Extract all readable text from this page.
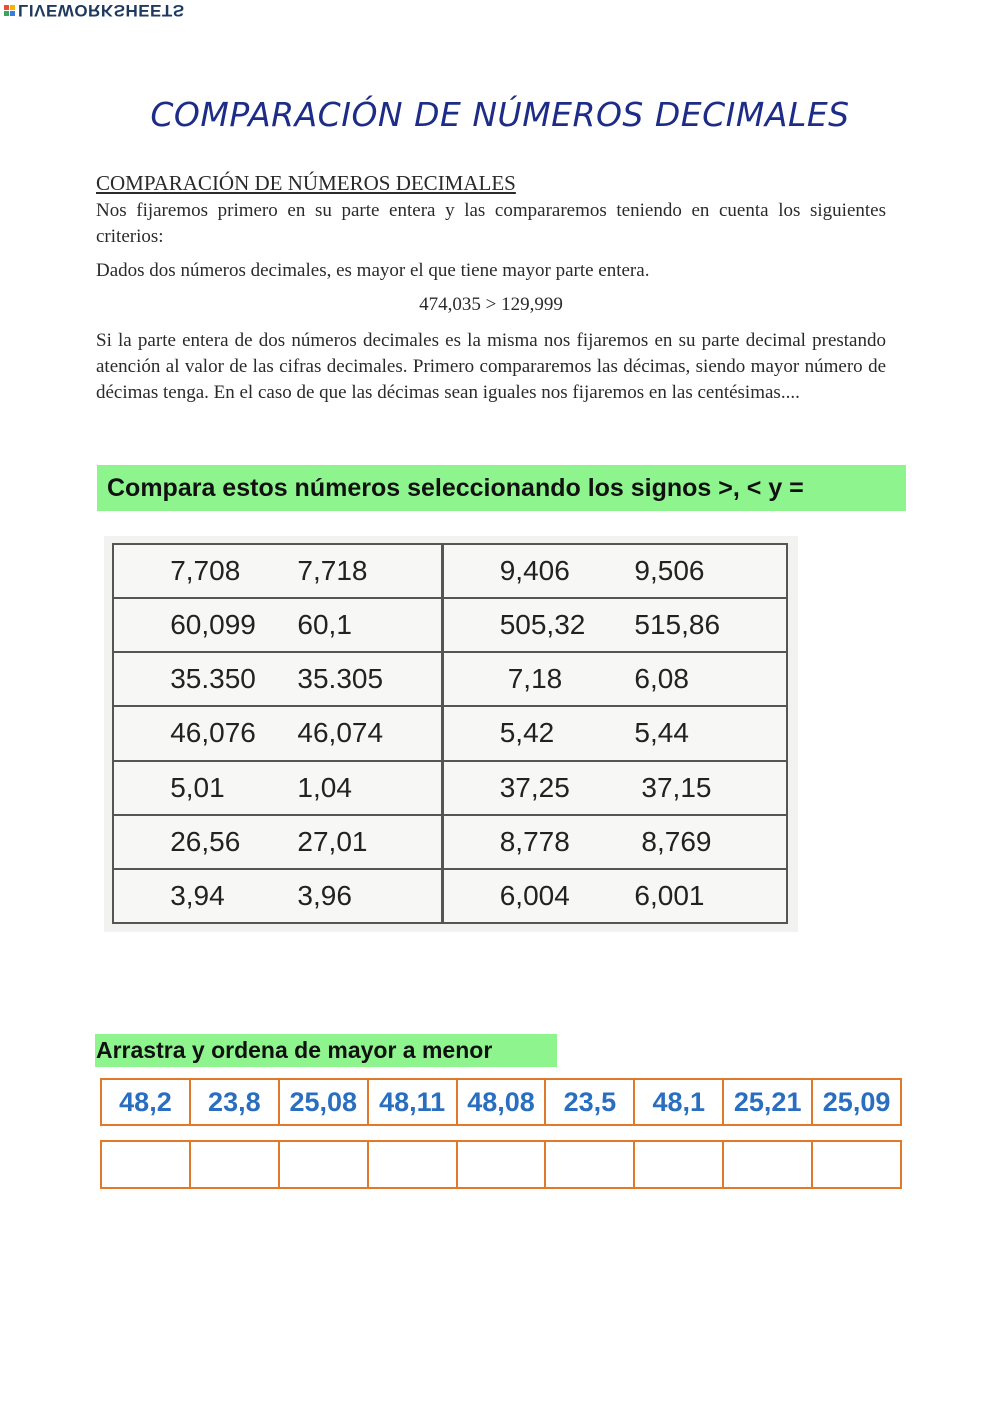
LIVEWORKSHEETS
COMPARACIÓN DE NÚMEROS DECIMALES

COMPARACIÓN DE NÚMEROS DECIMALES

Nos fijaremos primero en su parte entera y las compararemos teniendo en cuenta los siguientes criterios:

Dados dos números decimales, es mayor el que tiene mayor parte entera.

474,035 > 129,999

Si la parte entera de dos números decimales es la misma nos fijaremos en su parte decimal prestando atención al valor de las cifras decimales. Primero compararemos las décimas, siendo mayor número de décimas tenga. En el caso de que las décimas sean iguales nos fijaremos en las centésimas....

Compara estos números seleccionando los signos >, < y =
	7,708	7,718		9,406	9,506
	60,099	60,1		505,32	515,86
	35.350	35.305		7,18	6,08
	46,076	46,074		5,42	5,44
	5,01	1,04		37,25	37,15
	26,56	27,01		8,778	8,769
	3,94	3,96		6,004	6,001
Arrastra y ordena de mayor a menor
48,2	23,8	25,08 48,11 48,08	23,5	48,1	25,21 25,09
